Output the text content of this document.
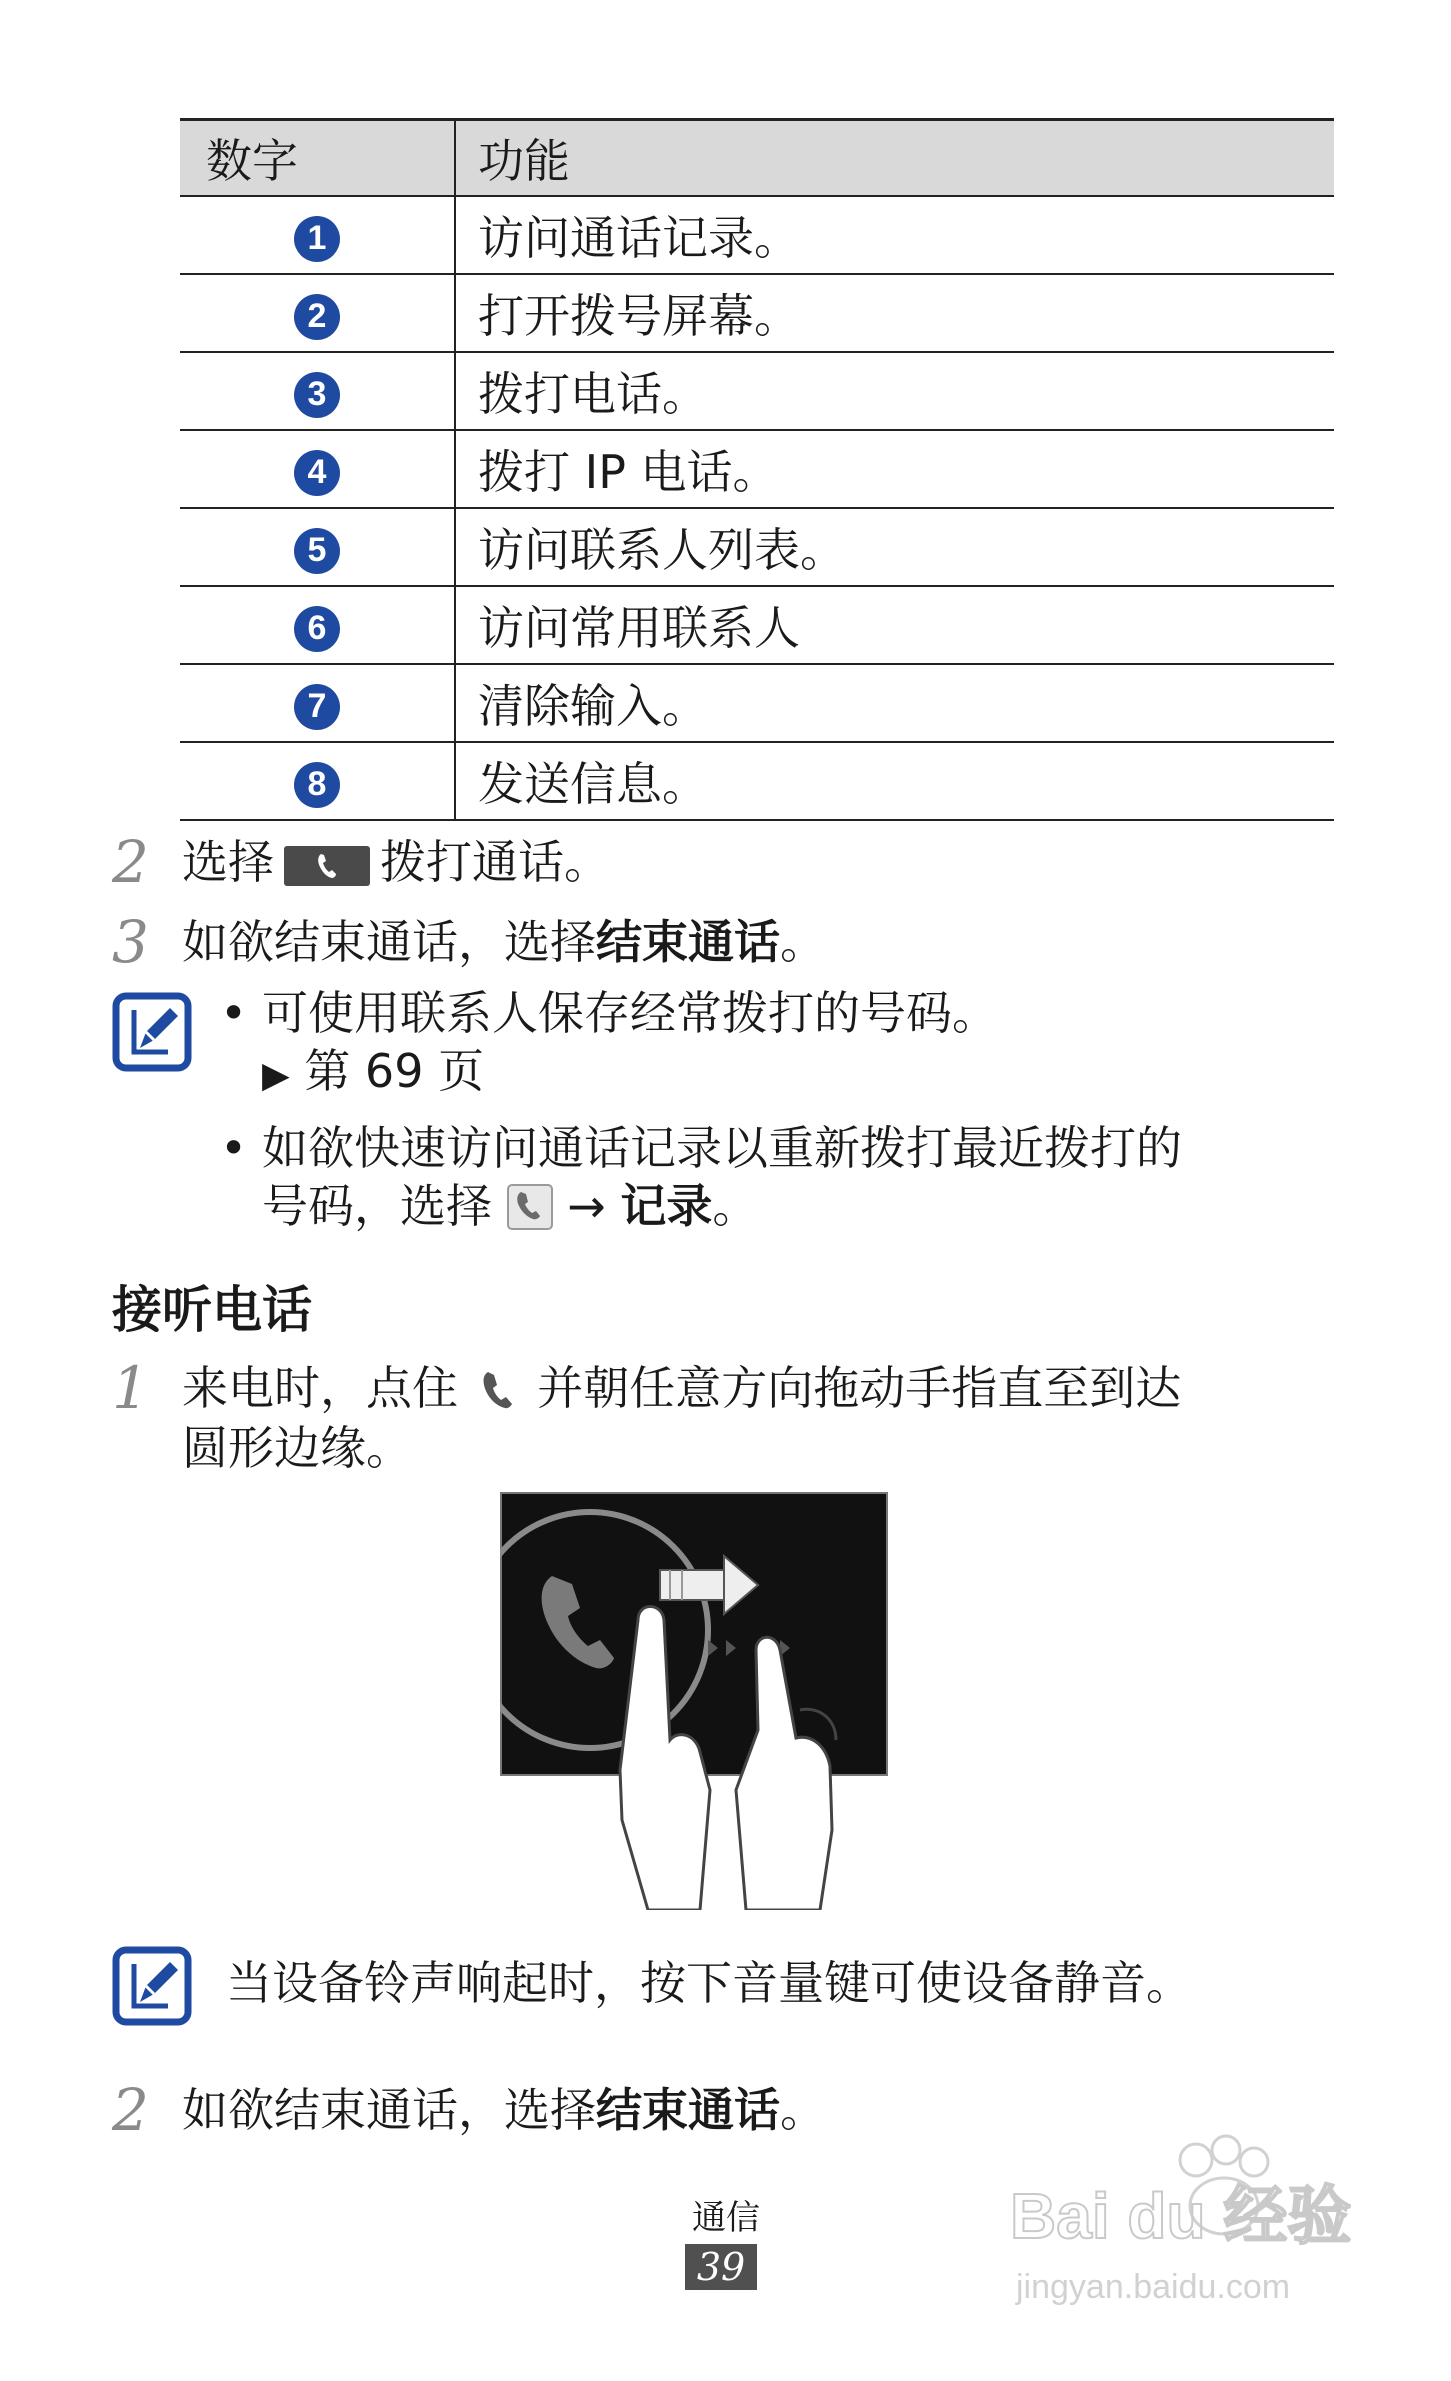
数字	功能
1	访问通话记录。
2	打开拨号屏幕。
3	拨打电话。
4	拨打 IP 电话。
5	访问联系人列表。
6	访问常用联系人
7	清除输入。
8	发送信息。
2 选择 拨打通话。
3 如欲结束通话，选择结束通话。
• 可使用联系人保存经常拨打的号码。
▶ 第 69 页
• 如欲快速访问通话记录以重新拨打最近拨打的
号码，选择 → 记录。
接听电话
1 来电时，点住 并朝任意方向拖动手指直至到达
圆形边缘。
当设备铃声响起时，按下音量键可使设备静音。
2 如欲结束通话，选择结束通话。
通信
39
Bai du 经验
jingyan.baidu.com
